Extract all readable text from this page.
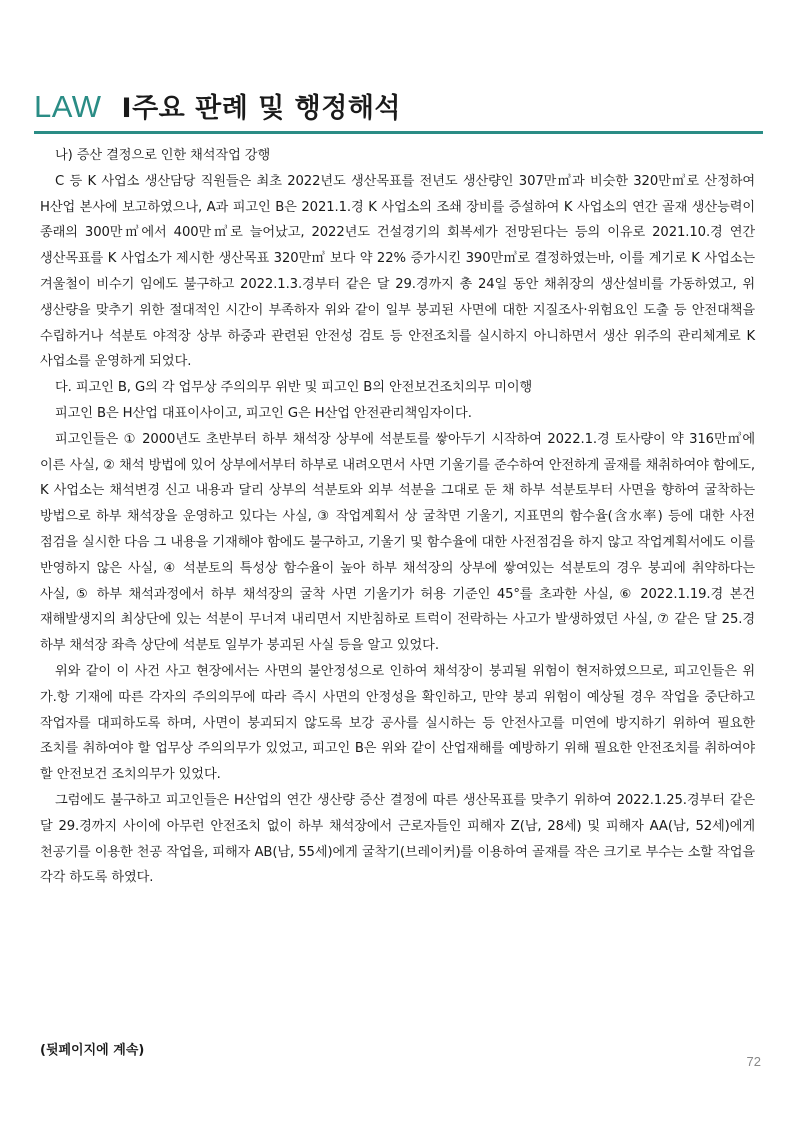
LAW Ⅰ주요 판례 및 행정해석

나) 증산 결정으로 인한 채석작업 강행

C 등 K 사업소 생산담당 직원들은 최초 2022년도 생산목표를 전년도 생산량인 307만㎥과 비슷한 320만㎥로 산정하여 H산업 본사에 보고하였으나, A과 피고인 B은 2021.1.경 K 사업소의 조쇄 장비를 증설하여 K 사업소의 연간 골재 생산능력이 종래의 300만㎥에서 400만㎥로 늘어났고, 2022년도 건설경기의 회복세가 전망된다는 등의 이유로 2021.10.경 연간 생산목표를 K 사업소가 제시한 생산목표 320만㎥ 보다 약 22% 증가시킨 390만㎥로 결정하였는바, 이를 계기로 K 사업소는 겨울철이 비수기 임에도 불구하고 2022.1.3.경부터 같은 달 29.경까지 총 24일 동안 채취장의 생산설비를 가동하였고, 위 생산량을 맞추기 위한 절대적인 시간이 부족하자 위와 같이 일부 붕괴된 사면에 대한 지질조사·위험요인 도출 등 안전대책을 수립하거나 석분토 야적장 상부 하중과 관련된 안전성 검토 등 안전조치를 실시하지 아니하면서 생산 위주의 관리체계로 K 사업소를 운영하게 되었다.

다. 피고인 B, G의 각 업무상 주의의무 위반 및 피고인 B의 안전보건조치의무 미이행

피고인 B은 H산업 대표이사이고, 피고인 G은 H산업 안전관리책임자이다.

피고인들은 ① 2000년도 초반부터 하부 채석장 상부에 석분토를 쌓아두기 시작하여 2022.1.경 토사량이 약 316만㎥에 이른 사실, ② 채석 방법에 있어 상부에서부터 하부로 내려오면서 사면 기울기를 준수하여 안전하게 골재를 채취하여야 함에도, K 사업소는 채석변경 신고 내용과 달리 상부의 석분토와 외부 석분을 그대로 둔 채 하부 석분토부터 사면을 향하여 굴착하는 방법으로 하부 채석장을 운영하고 있다는 사실, ③ 작업계획서 상 굴착면 기울기, 지표면의 함수율(含水率) 등에 대한 사전 점검을 실시한 다음 그 내용을 기재해야 함에도 불구하고, 기울기 및 함수율에 대한 사전점검을 하지 않고 작업계획서에도 이를 반영하지 않은 사실, ④ 석분토의 특성상 함수율이 높아 하부 채석장의 상부에 쌓여있는 석분토의 경우 붕괴에 취약하다는 사실, ⑤ 하부 채석과정에서 하부 채석장의 굴착 사면 기울기가 허용 기준인 45°를 초과한 사실, ⑥ 2022.1.19.경 본건 재해발생지의 최상단에 있는 석분이 무너져 내리면서 지반침하로 트럭이 전락하는 사고가 발생하였던 사실, ⑦ 같은 달 25.경 하부 채석장 좌측 상단에 석분토 일부가 붕괴된 사실 등을 알고 있었다.

위와 같이 이 사건 사고 현장에서는 사면의 불안정성으로 인하여 채석장이 붕괴될 위험이 현저하였으므로, 피고인들은 위 가.항 기재에 따른 각자의 주의의무에 따라 즉시 사면의 안정성을 확인하고, 만약 붕괴 위험이 예상될 경우 작업을 중단하고 작업자를 대피하도록 하며, 사면이 붕괴되지 않도록 보강 공사를 실시하는 등 안전사고를 미연에 방지하기 위하여 필요한 조치를 취하여야 할 업무상 주의의무가 있었고, 피고인 B은 위와 같이 산업재해를 예방하기 위해 필요한 안전조치를 취하여야 할 안전보건 조치의무가 있었다.

그럼에도 불구하고 피고인들은 H산업의 연간 생산량 증산 결정에 따른 생산목표를 맞추기 위하여 2022.1.25.경부터 같은 달 29.경까지 사이에 아무런 안전조치 없이 하부 채석장에서 근로자들인 피해자 Z(남, 28세) 및 피해자 AA(남, 52세)에게 천공기를 이용한 천공 작업을, 피해자 AB(남, 55세)에게 굴착기(브레이커)를 이용하여 골재를 작은 크기로 부수는 소할 작업을 각각 하도록 하였다.

(뒷페이지에 계속)
72
